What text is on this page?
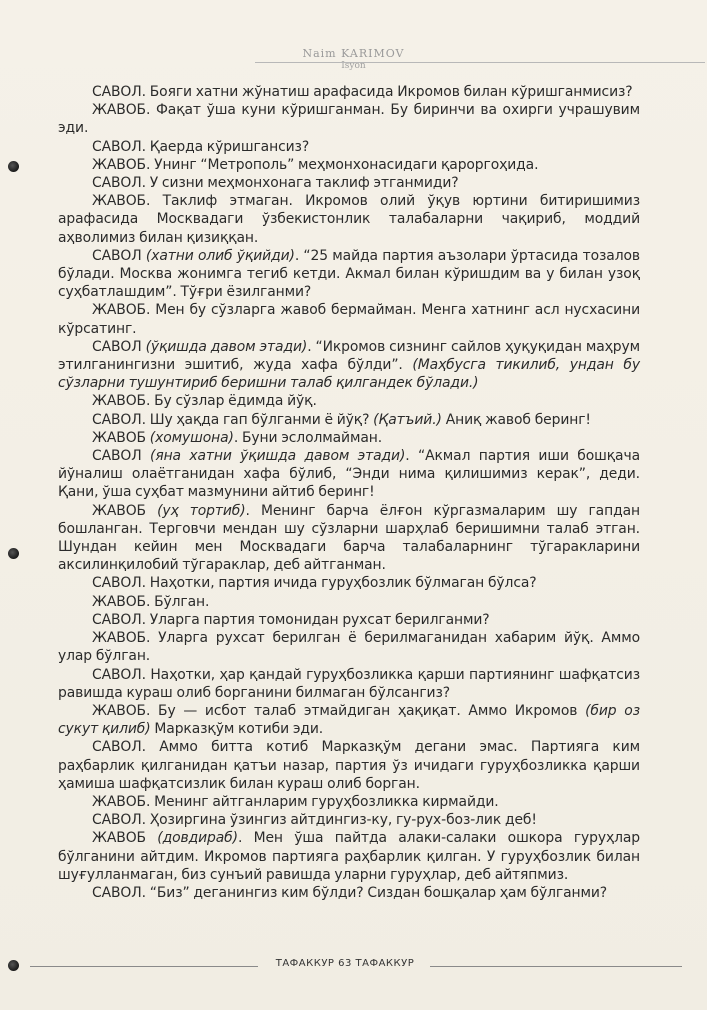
Naim KARIMOV
Isyon

САВОЛ. Бояги хатни жўнатиш арафасида Икромов билан кўришганмисиз?

ЖАВОБ. Фақат ўша куни кўришганман. Бу биринчи ва охирги учрашувим эди.

САВОЛ. Қаерда кўришгансиз?

ЖАВОБ. Унинг “Метрополь” меҳмонхонасидаги қароргоҳида.

САВОЛ. У сизни меҳмонхонага таклиф этганмиди?

ЖАВОБ. Таклиф этмаган. Икромов олий ўқув юртини битиришимиз арафасида Москвадаги ўзбекистонлик талабаларни чақириб, моддий аҳволимиз билан қизиққан.

САВОЛ (хатни олиб ўқийди). “25 майда партия аъзолари ўртасида тозалов бўлади. Москва жонимга тегиб кетди. Акмал билан кўришдим ва у билан узоқ суҳбатлашдим”. Тўғри ёзилганми?

ЖАВОБ. Мен бу сўзларга жавоб бермайман. Менга хатнинг асл нусхасини кўрсатинг.

САВОЛ (ўқишда давом этади). “Икромов сизнинг сайлов ҳуқуқидан маҳрум этилганингизни эшитиб, жуда хафа бўлди”. (Маҳбусга тикилиб, ундан бу сўзларни тушунтириб беришни талаб қилгандек бўлади.)

ЖАВОБ. Бу сўзлар ёдимда йўқ.

САВОЛ. Шу ҳақда гап бўлганми ё йўқ? (Қатъий.) Аниқ жавоб беринг!

ЖАВОБ (хомушона). Буни эслолмайман.

САВОЛ (яна хатни ўқишда давом этади). “Акмал партия иши бошқача йўналиш олаётганидан хафа бўлиб, “Энди нима қилишимиз керак”, деди. Қани, ўша суҳбат мазмунини айтиб беринг!

ЖАВОБ (уҳ тортиб). Менинг барча ёлғон кўргазмаларим шу гапдан бошланган. Терговчи мендан шу сўзларни шарҳлаб беришимни талаб этган. Шундан кейин мен Москвадаги барча талабаларнинг тўгаракларини аксилинқилобий тўгараклар, деб айтганман.

САВОЛ. Наҳотки, партия ичида гуруҳбозлик бўлмаган бўлса?

ЖАВОБ. Бўлган.

САВОЛ. Уларга партия томонидан рухсат берилганми?

ЖАВОБ. Уларга рухсат берилган ё берилмаганидан хабарим йўқ. Аммо улар бўлган.

САВОЛ. Наҳотки, ҳар қандай гуруҳбозликка қарши партиянинг шафқатсиз равишда кураш олиб борганини билмаган бўлсангиз?

ЖАВОБ. Бу — исбот талаб этмайдиган ҳақиқат. Аммо Икромов (бир оз сукут қилиб) Марказқўм котиби эди.

САВОЛ. Аммо битта котиб Марказқўм дегани эмас. Партияга ким раҳбарлик қилганидан қатъи назар, партия ўз ичидаги гуруҳбозликка қарши ҳамиша шафқатсизлик билан кураш олиб борган.

ЖАВОБ. Менинг айтганларим гуруҳбозликка кирмайди.

САВОЛ. Ҳозиргина ўзингиз айтдингиз-ку, гу-рух-боз-лик деб!

ЖАВОБ (довдираб). Мен ўша пайтда алаки-салаки ошкора гуруҳлар бўлганини айтдим. Икромов партияга раҳбарлик қилган. У гуруҳбозлик билан шуғулланмаган, биз сунъий равишда уларни гуруҳлар, деб айтяпмиз.

САВОЛ. “Биз” деганингиз ким бўлди? Сиздан бошқалар ҳам бўлганми?

ТАФАККУР 63 ТАФАККУР
